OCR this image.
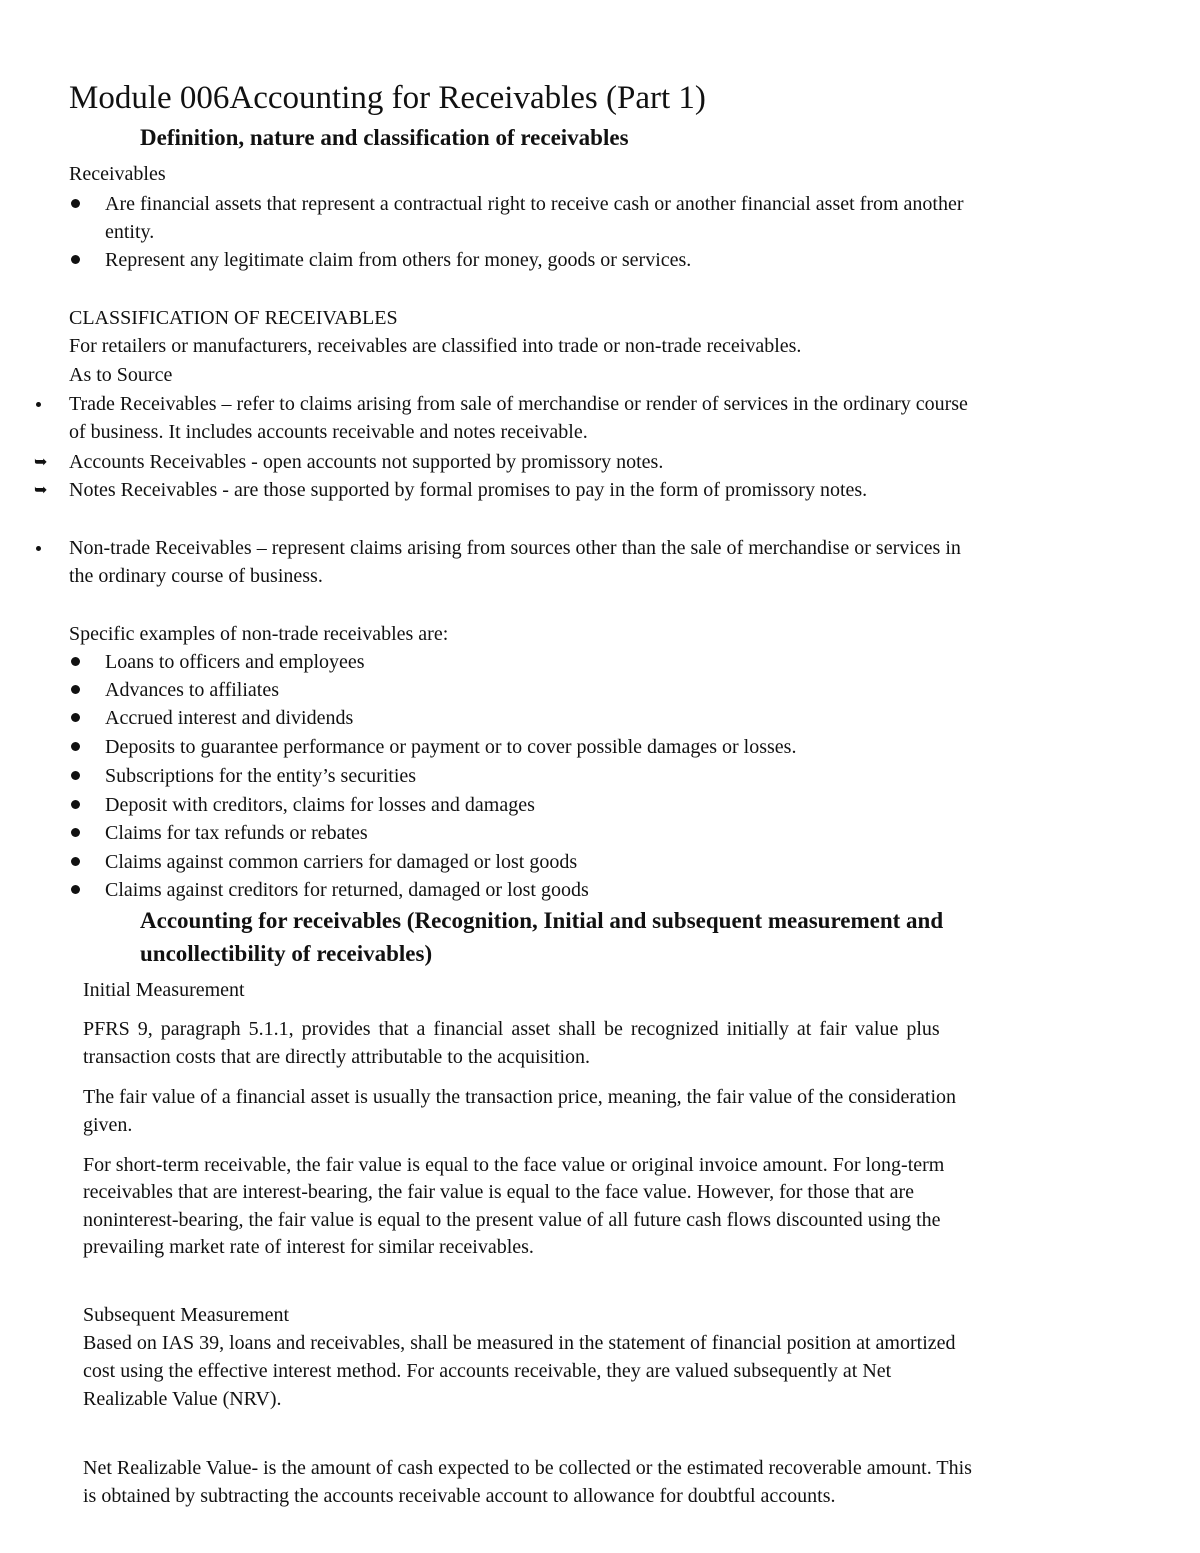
Module 006Accounting for Receivables (Part 1)
Definition, nature and classification of receivables
Receivables
Are financial assets that represent a contractual right to receive cash or another financial asset from another
entity.
Represent any legitimate claim from others for money, goods or services.
CLASSIFICATION OF RECEIVABLES
For retailers or manufacturers, receivables are classified into trade or non-trade receivables.
As to Source
Trade Receivables – refer to claims arising from sale of merchandise or render of services in the ordinary course
of business. It includes accounts receivable and notes receivable.
➥ Accounts Receivables - open accounts not supported by promissory notes.
➥ Notes Receivables - are those supported by formal promises to pay in the form of promissory notes.
Non-trade Receivables – represent claims arising from sources other than the sale of merchandise or services in
the ordinary course of business.
Specific examples of non-trade receivables are:
Loans to officers and employees
Advances to affiliates
Accrued interest and dividends
Deposits to guarantee performance or payment or to cover possible damages or losses.
Subscriptions for the entity’s securities
Deposit with creditors, claims for losses and damages
Claims for tax refunds or rebates
Claims against common carriers for damaged or lost goods
Claims against creditors for returned, damaged or lost goods
Accounting for receivables (Recognition, Initial and subsequent measurement and
uncollectibility of receivables)
Initial Measurement
PFRS 9, paragraph 5.1.1, provides that a financial asset shall be recognized initially at fair value plus
transaction costs that are directly attributable to the acquisition.
The fair value of a financial asset is usually the transaction price, meaning, the fair value of the consideration
given.
For short-term receivable, the fair value is equal to the face value or original invoice amount. For long-term
receivables that are interest-bearing, the fair value is equal to the face value. However, for those that are
noninterest-bearing, the fair value is equal to the present value of all future cash flows discounted using the
prevailing market rate of interest for similar receivables.
Subsequent Measurement
Based on IAS 39, loans and receivables, shall be measured in the statement of financial position at amortized
cost using the effective interest method. For accounts receivable, they are valued subsequently at Net
Realizable Value (NRV).
Net Realizable Value- is the amount of cash expected to be collected or the estimated recoverable amount. This
is obtained by subtracting the accounts receivable account to allowance for doubtful accounts.
